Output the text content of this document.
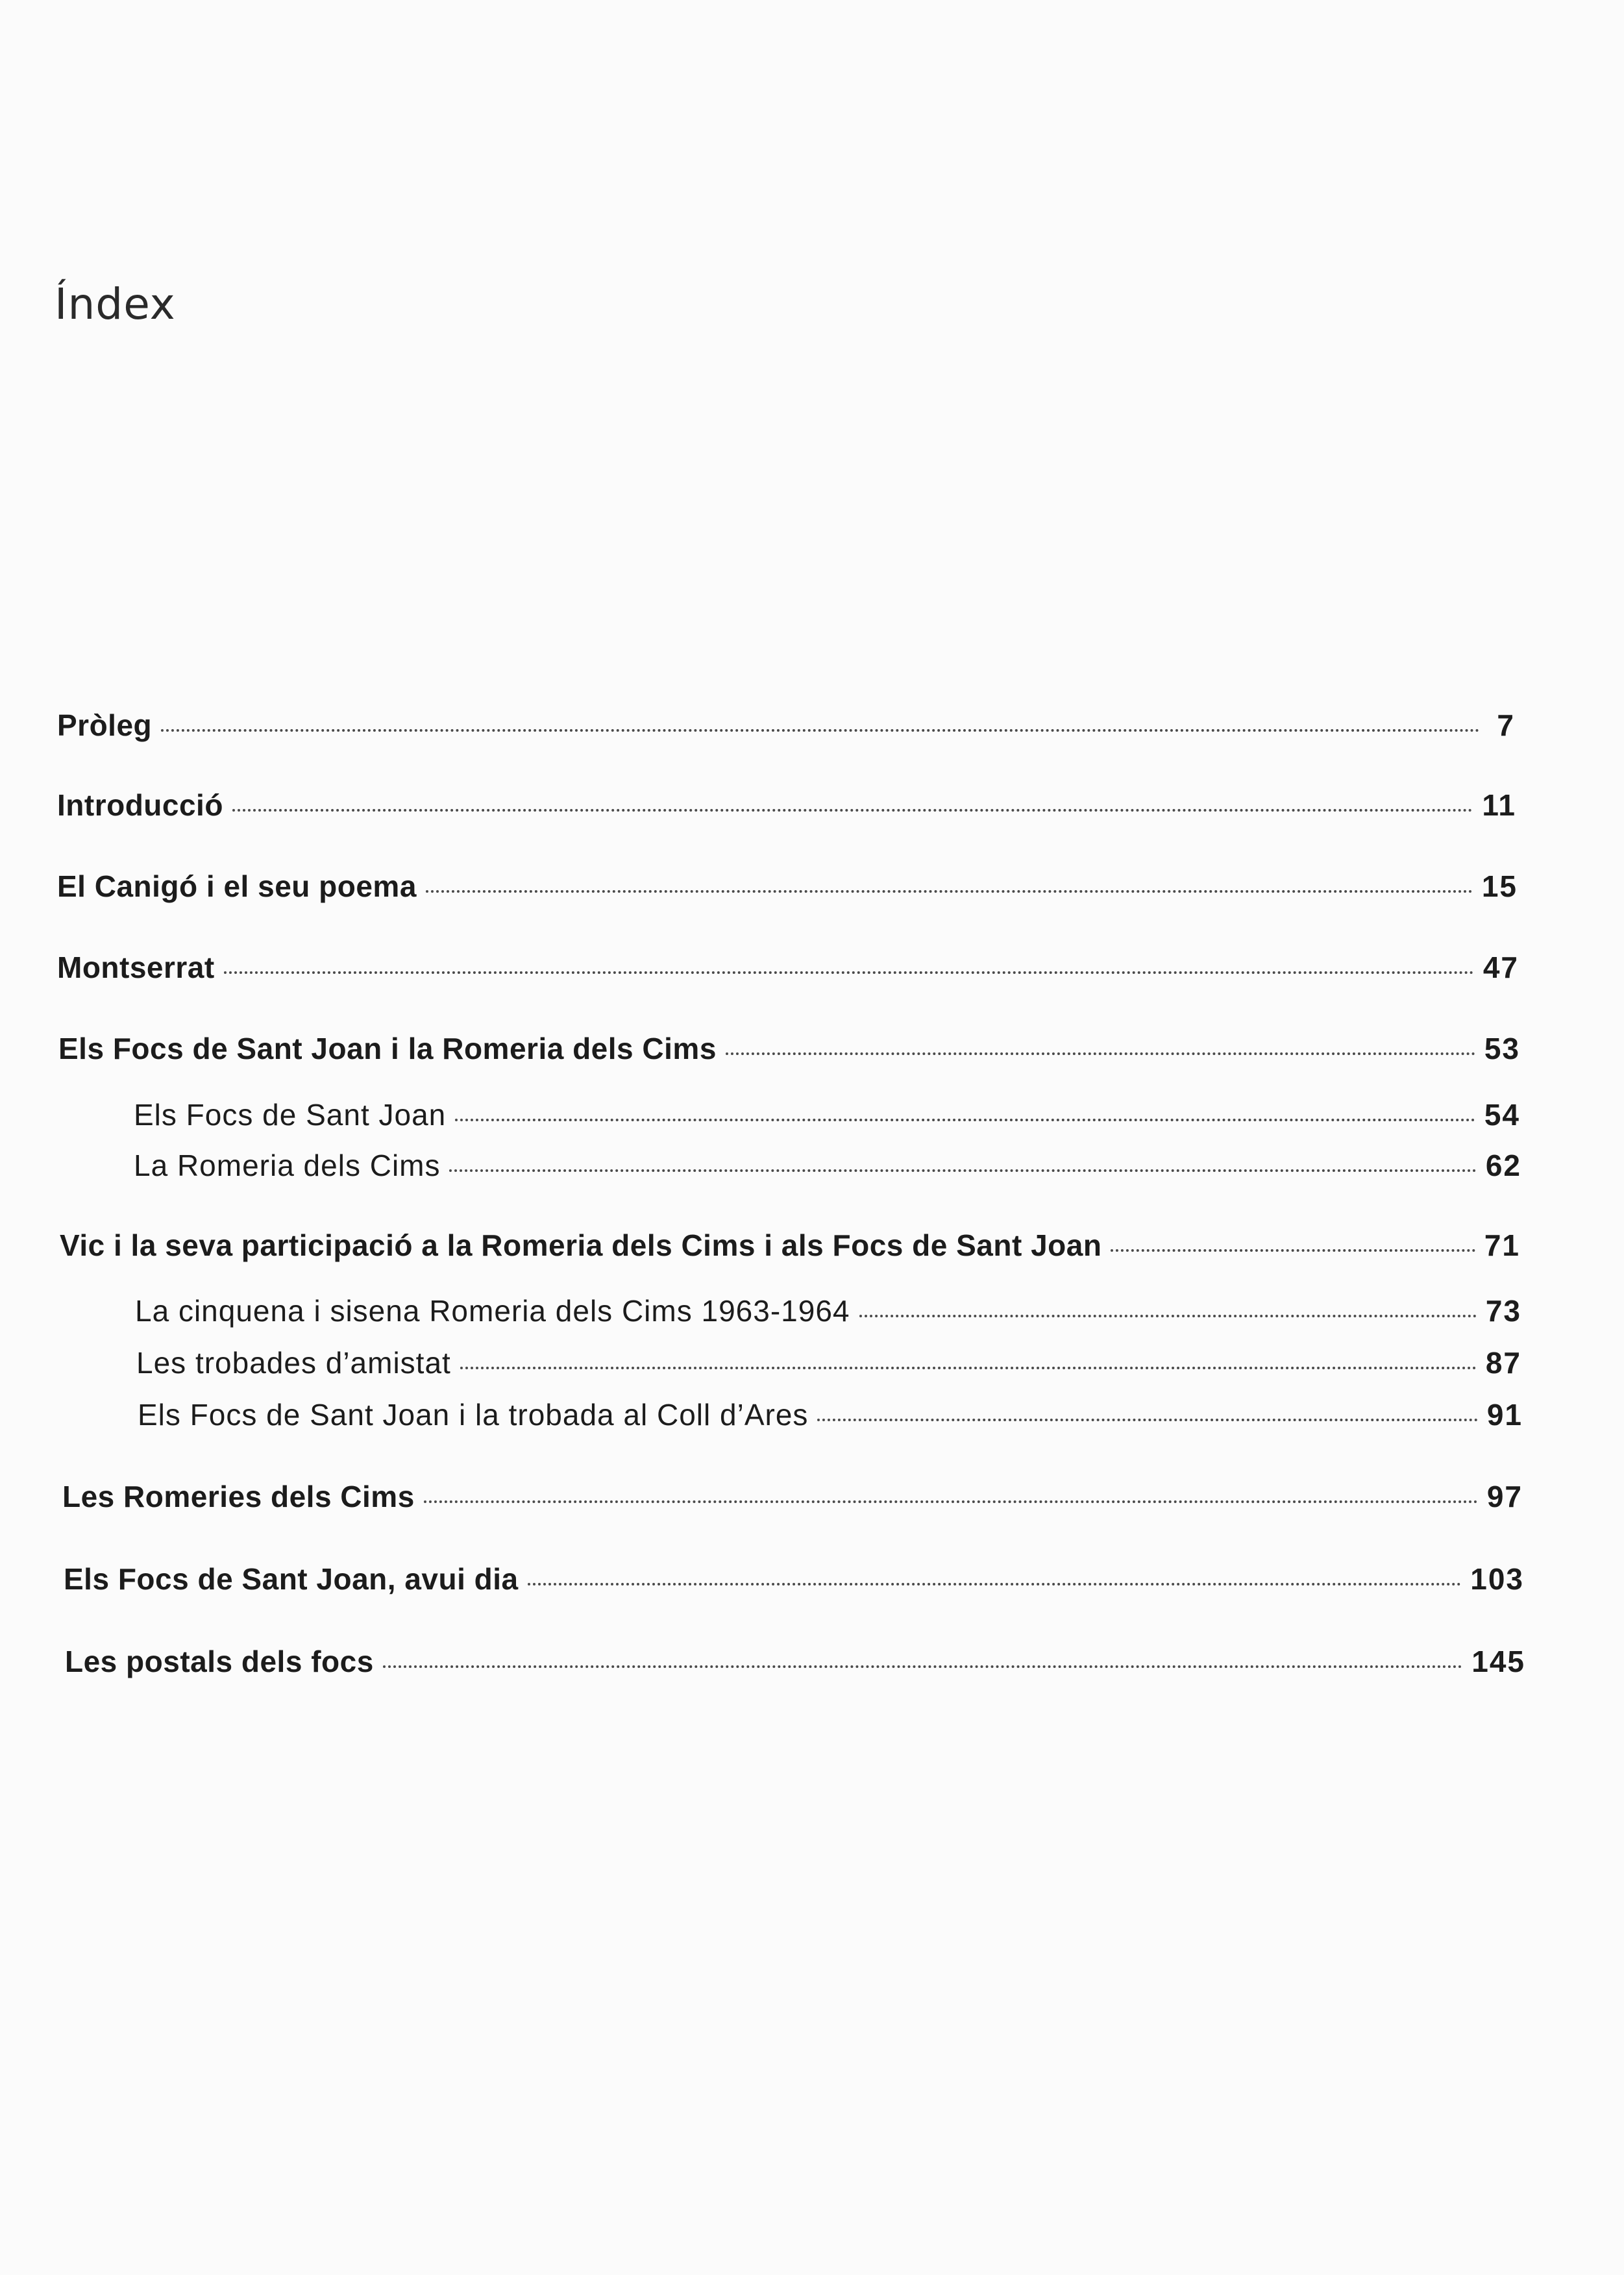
Índex
Pròleg	7
Introducció	11
El Canigó i el seu poema	15
Montserrat	47
Els Focs de Sant Joan i la Romeria dels Cims	53
Els Focs de Sant Joan	54
La Romeria dels Cims	62
Vic i la seva participació a la Romeria dels Cims i als Focs de Sant Joan	71
La cinquena i sisena Romeria dels Cims 1963-1964	73
Les trobades d’amistat	87
Els Focs de Sant Joan i la trobada al Coll d’Ares	91
Les Romeries dels Cims	97
Els Focs de Sant Joan, avui dia	103
Les postals dels focs	145
